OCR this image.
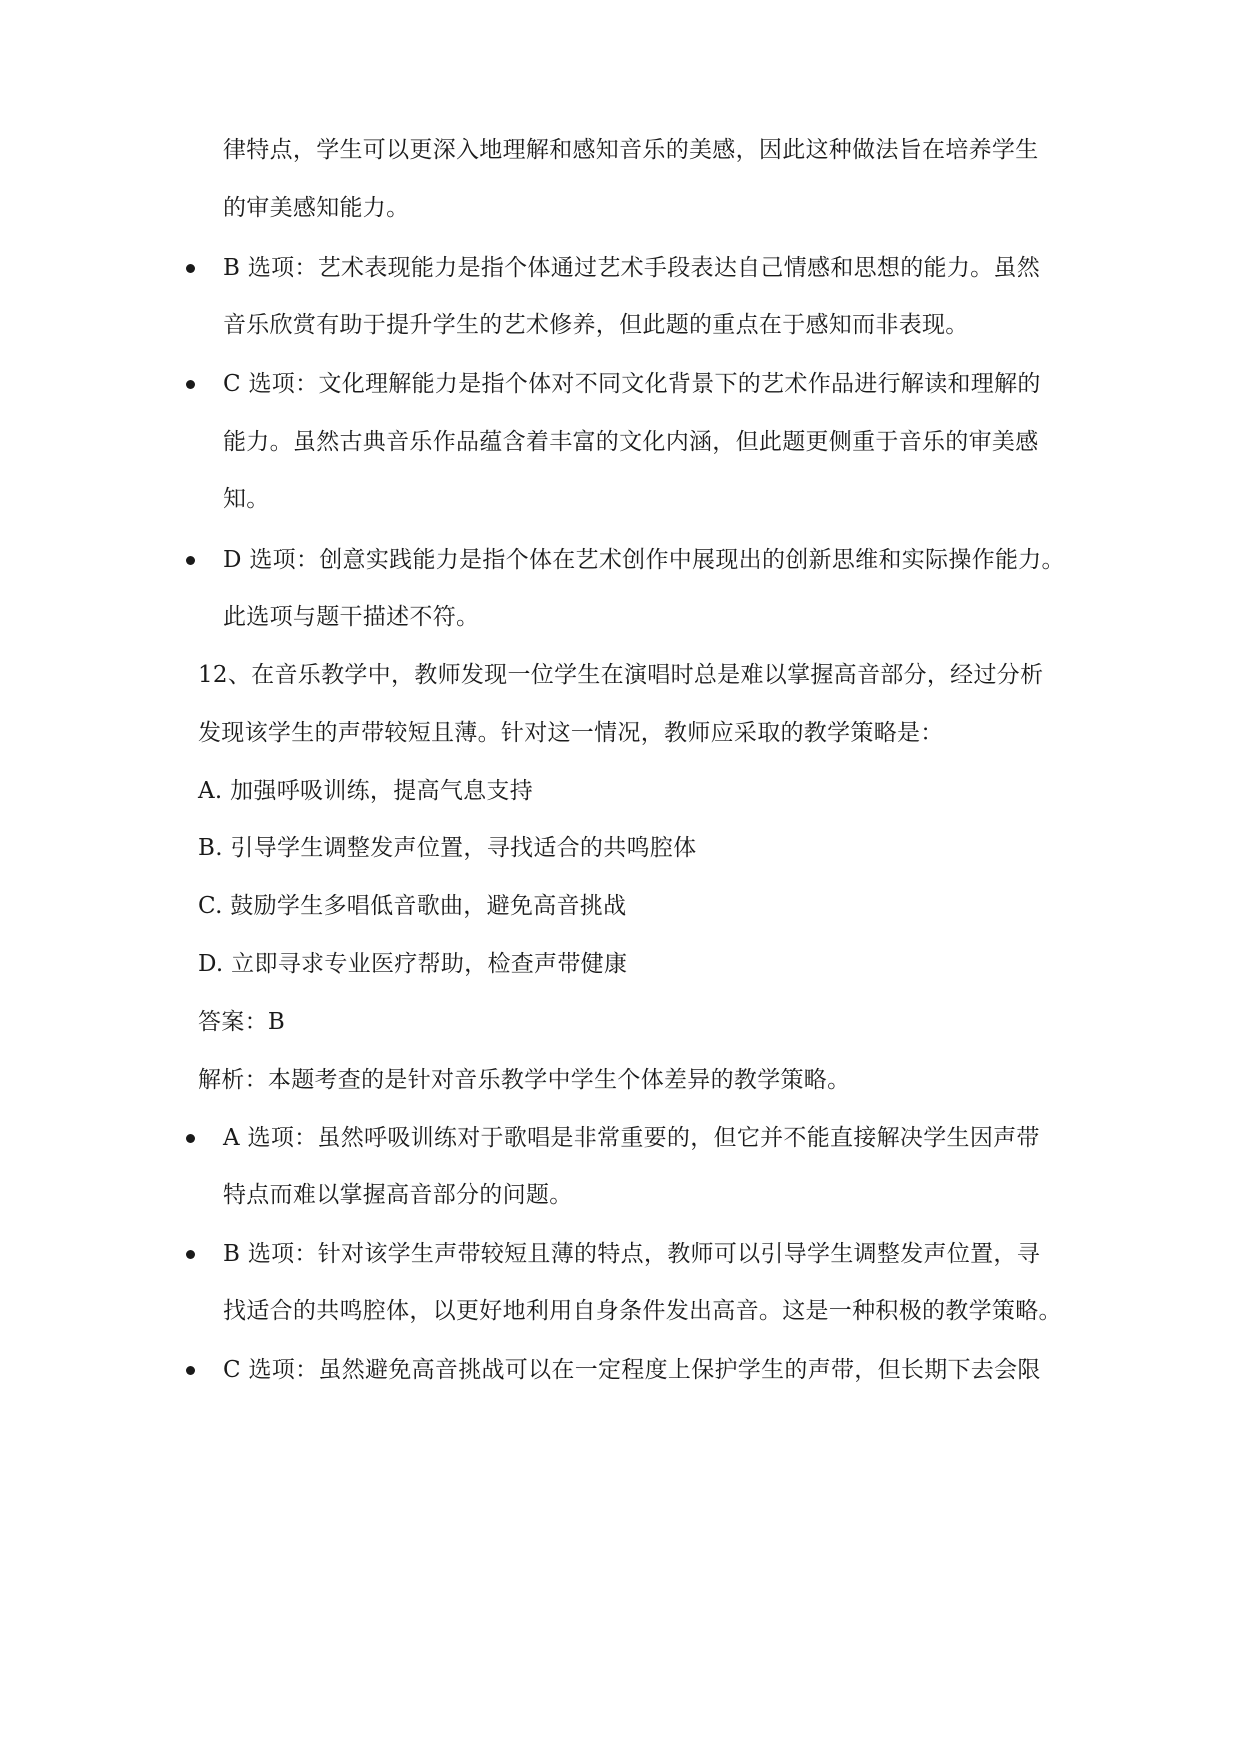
律特点，学生可以更深入地理解和感知音乐的美感，因此这种做法旨在培养学生
的审美感知能力。
B 选项：艺术表现能力是指个体通过艺术手段表达自己情感和思想的能力。虽然
音乐欣赏有助于提升学生的艺术修养，但此题的重点在于感知而非表现。
C 选项：文化理解能力是指个体对不同文化背景下的艺术作品进行解读和理解的
能力。虽然古典音乐作品蕴含着丰富的文化内涵，但此题更侧重于音乐的审美感
知。
D 选项：创意实践能力是指个体在艺术创作中展现出的创新思维和实际操作能力。
此选项与题干描述不符。
12、在音乐教学中，教师发现一位学生在演唱时总是难以掌握高音部分，经过分析
发现该学生的声带较短且薄。针对这一情况，教师应采取的教学策略是：
A. 加强呼吸训练，提高气息支持
B. 引导学生调整发声位置，寻找适合的共鸣腔体
C. 鼓励学生多唱低音歌曲，避免高音挑战
D. 立即寻求专业医疗帮助，检查声带健康
答案：B
解析：本题考查的是针对音乐教学中学生个体差异的教学策略。
A 选项：虽然呼吸训练对于歌唱是非常重要的，但它并不能直接解决学生因声带
特点而难以掌握高音部分的问题。
B 选项：针对该学生声带较短且薄的特点，教师可以引导学生调整发声位置，寻
找适合的共鸣腔体，以更好地利用自身条件发出高音。这是一种积极的教学策略。
C 选项：虽然避免高音挑战可以在一定程度上保护学生的声带，但长期下去会限
